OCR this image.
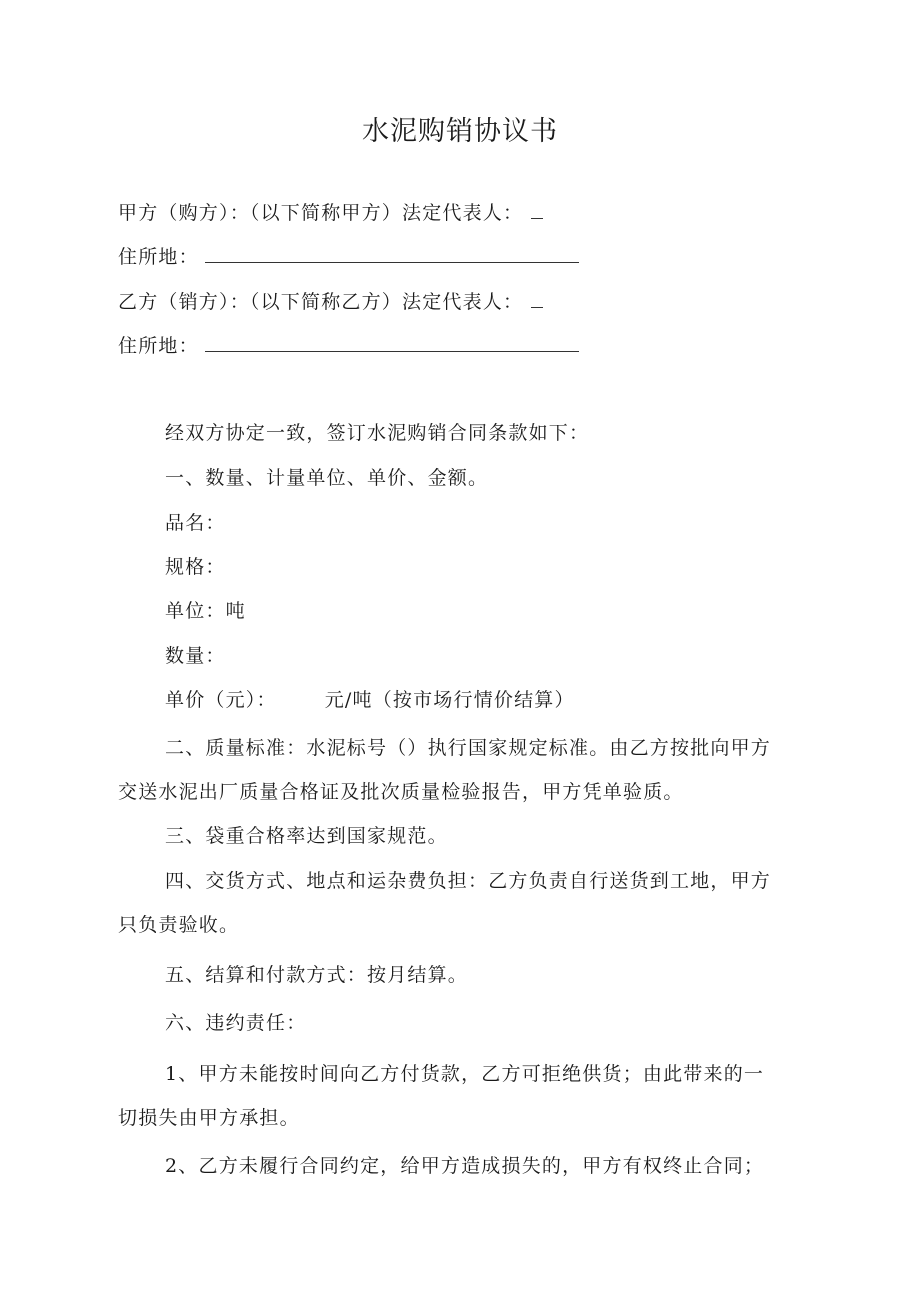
水泥购销协议书
甲方（购方）：（以下简称甲方）法定代表人：
住所地：
乙方（销方）：（以下简称乙方）法定代表人：
住所地：
经双方协定一致，签订水泥购销合同条款如下：
一、数量、计量单位、单价、金额。
品名：
规格：
单位：吨
数量：
单价（元）：	元/吨（按市场行情价结算）
二、质量标准：水泥标号（）执行国家规定标准。由乙方按批向甲方
交送水泥出厂质量合格证及批次质量检验报告，甲方凭单验质。
三、袋重合格率达到国家规范。
四、交货方式、地点和运杂费负担：乙方负责自行送货到工地，甲方
只负责验收。
五、结算和付款方式：按月结算。
六、违约责任：
1、甲方未能按时间向乙方付货款，乙方可拒绝供货；由此带来的一
切损失由甲方承担。
2、乙方未履行合同约定，给甲方造成损失的，甲方有权终止合同；
